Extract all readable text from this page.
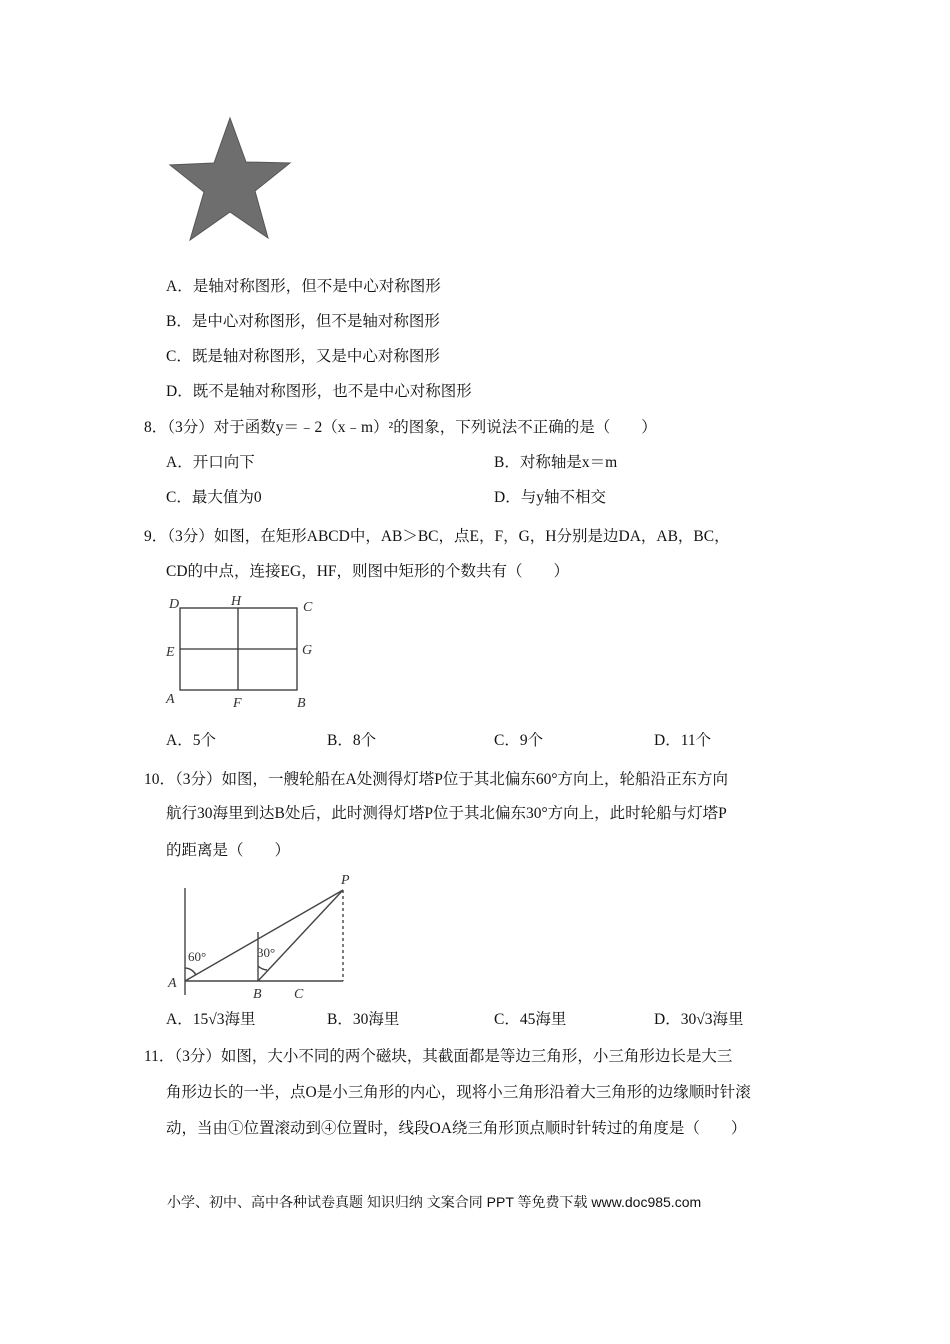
D	H	C
E	G
A	F	B
P
A
B C
60°	30°
A．是轴对称图形，但不是中心对称图形
B．是中心对称图形，但不是轴对称图形
C．既是轴对称图形，又是中心对称图形
D．既不是轴对称图形，也不是中心对称图形
8．（3分）对于函数y＝﹣2（x﹣m）²的图象，下列说法不正确的是（　　）
A．开口向下	B．对称轴是x＝m
C．最大值为0	D．与y轴不相交
9．（3分）如图，在矩形ABCD中，AB＞BC，点E，F，G，H分别是边DA，AB，BC，
CD的中点，连接EG，HF，则图中矩形的个数共有（　　）
A．5个	B．8个	C．9个	D．11个
10．（3分）如图，一艘轮船在A处测得灯塔P位于其北偏东60°方向上，轮船沿正东方向
航行30海里到达B处后，此时测得灯塔P位于其北偏东30°方向上，此时轮船与灯塔P
的距离是（　　）
A．15√3海里	B．30海里	C．45海里	D．30√3海里
11．（3分）如图，大小不同的两个磁块，其截面都是等边三角形，小三角形边长是大三
角形边长的一半，点O是小三角形的内心，现将小三角形沿着大三角形的边缘顺时针滚
动，当由①位置滚动到④位置时，线段OA绕三角形顶点顺时针转过的角度是（　　）
小学、初中、高中各种试卷真题 知识归纳 文案合同 PPT 等免费下载 www.doc985.com
